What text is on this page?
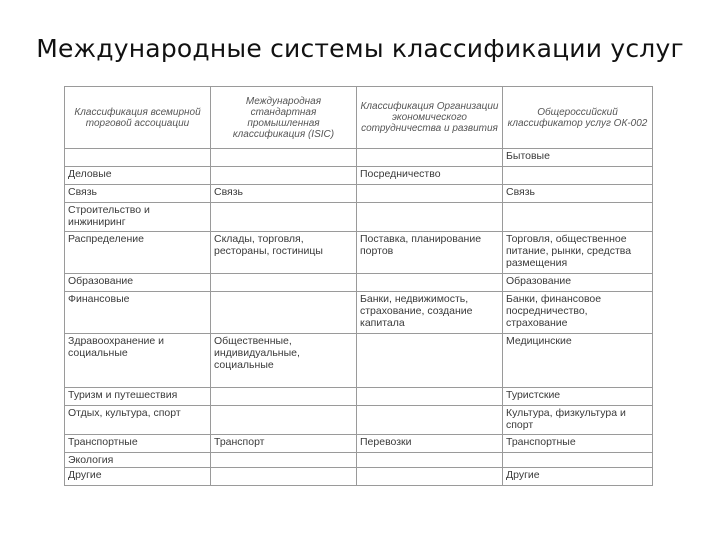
Международные системы классификации услуг
Классификация всемирной торговой ассоциации	Международная стандартная промышленная классификация (ISIC)	Классификация Организации экономического сотрудничества и развития	Общероссийский классификатор услуг ОК-002
			Бытовые
Деловые		Посредничество	
Связь	Связь		Связь
Строительство и инжиниринг			
Распределение	Склады, торговля, рестораны, гостиницы	Поставка, планирование портов	Торговля, общественное питание, рынки, средства размещения
Образование			Образование
Финансовые		Банки, недвижимость, страхование, создание капитала	Банки, финансовое посредничество, страхование
Здравоохранение и социальные	Общественные, индивидуальные, социальные		Медицинские
Туризм и путешествия			Туристские
Отдых, культура, спорт			Культура, физкультура и спорт
Транспортные	Транспорт	Перевозки	Транспортные
Экология			
Другие			Другие
